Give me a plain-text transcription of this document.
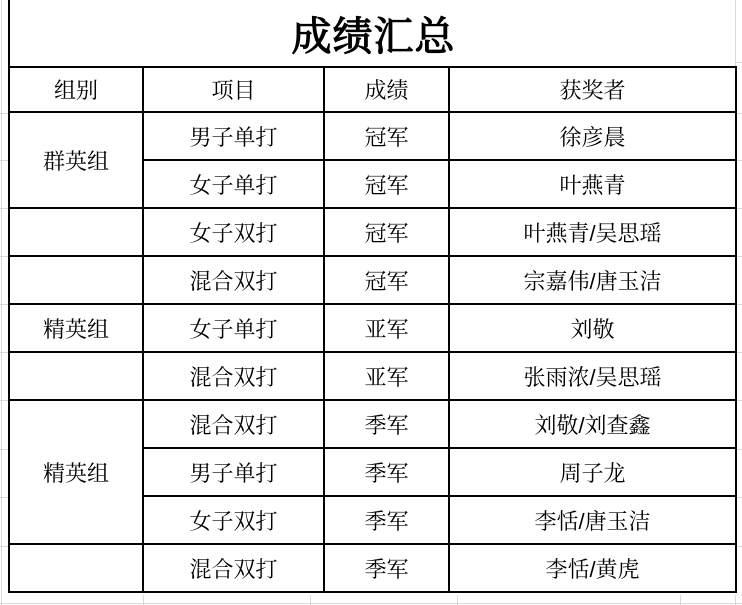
成绩汇总
组别	项目	成绩	获奖者
群英组	男子单打	冠军	徐彦晨
	女子单打	冠军	叶燕青
	女子双打	冠军	叶燕青/吴思瑶
	混合双打	冠军	宗嘉伟/唐玉洁
精英组	女子单打	亚军	刘敬
	混合双打	亚军	张雨浓/吴思瑶
精英组	混合双打	季军	刘敬/刘查鑫
	男子单打	季军	周子龙
	女子双打	季军	李恬/唐玉洁
	混合双打	季军	李恬/黄虎
